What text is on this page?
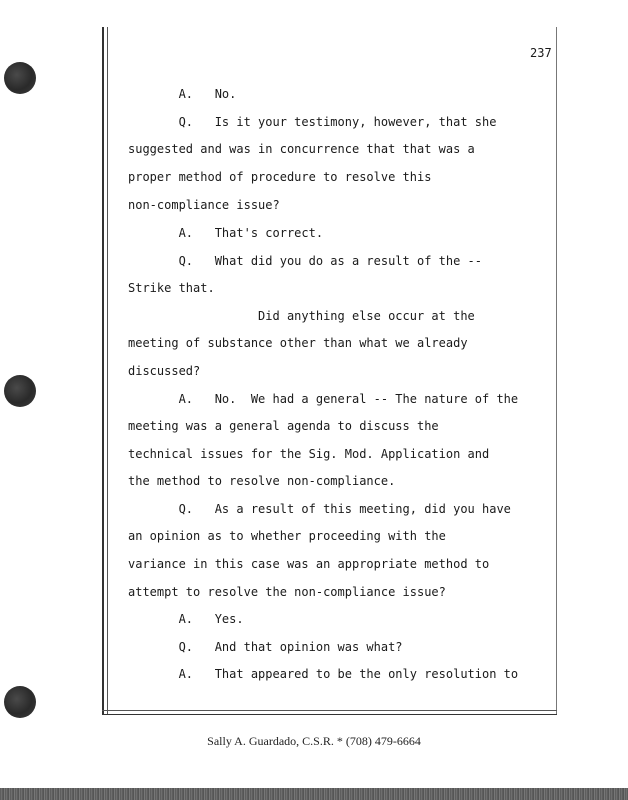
237
A.   No.
Q.   Is it your testimony, however, that she
suggested and was in concurrence that that was a
proper method of procedure to resolve this
non-compliance issue?
A.   That's correct.
Q.   What did you do as a result of the --
Strike that.
Did anything else occur at the
meeting of substance other than what we already
discussed?
A.   No.  We had a general -- The nature of the
meeting was a general agenda to discuss the
technical issues for the Sig. Mod. Application and
the method to resolve non-compliance.
Q.   As a result of this meeting, did you have
an opinion as to whether proceeding with the
variance in this case was an appropriate method to
attempt to resolve the non-compliance issue?
A.   Yes.
Q.   And that opinion was what?
A.   That appeared to be the only resolution to
Sally A. Guardado, C.S.R. * (708) 479-6664
